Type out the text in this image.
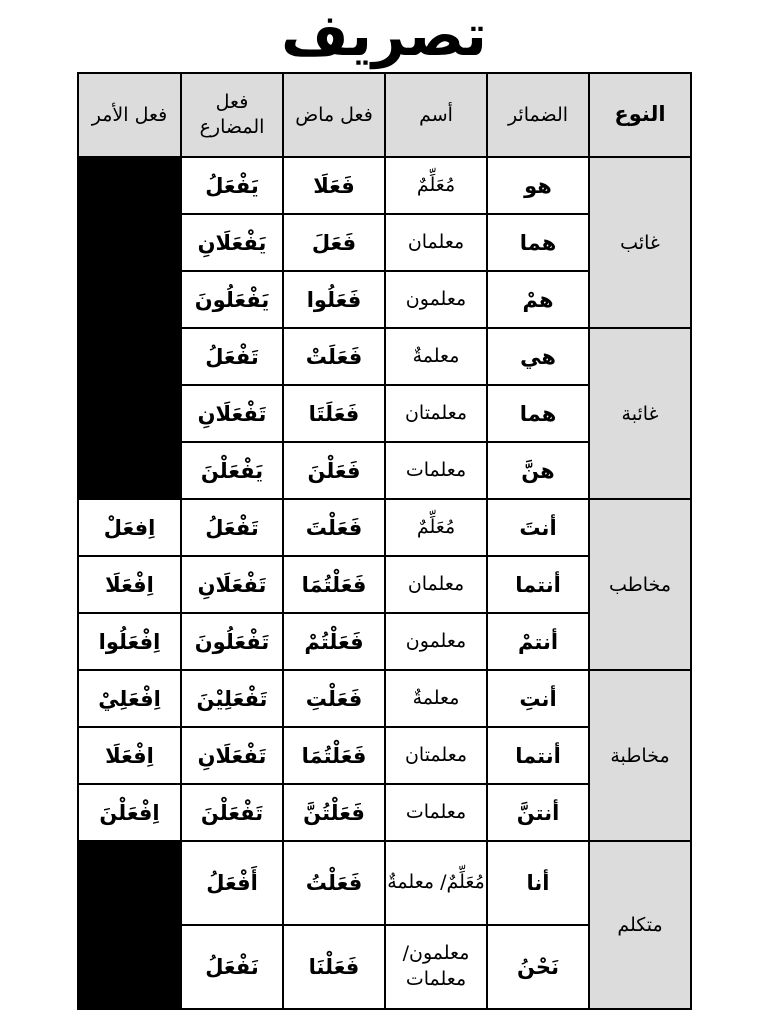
تصريف
النوع	الضمائر	أسم	فعل ماض	فعل المضارع	فعل الأمر
غائب	هو	مُعَلِّمٌ	فَعَلَا	يَفْعَلُ	
	هما	معلمان	فَعَلَ	يَفْعَلَانِ	
	همْ	معلمون	فَعَلُوا	يَفْعَلُونَ	
غائبة	هي	معلمةٌ	فَعَلَتْ	تَفْعَلُ	
	هما	معلمتان	فَعَلَتَا	تَفْعَلَانِ	
	هنَّ	معلمات	فَعَلْنَ	يَفْعَلْنَ	
مخاطب	أنتَ	مُعَلِّمٌ	فَعَلْتَ	تَفْعَلُ	اِفعَلْ
	أنتما	معلمان	فَعَلْتُمَا	تَفْعَلَانِ	اِفْعَلَا
	أنتمْ	معلمون	فَعَلْتُمْ	تَفْعَلُونَ	اِفْعَلُوا
مخاطبة	أنتِ	معلمةٌ	فَعَلْتِ	تَفْعَلِيْنَ	اِفْعَلِيْ
	أنتما	معلمتان	فَعَلْتُمَا	تَفْعَلَانِ	اِفْعَلَا
	أنتنَّ	معلمات	فَعَلْتُنَّ	تَفْعَلْنَ	اِفْعَلْنَ
متكلم	أنا	مُعَلِّمٌ/ معلمةٌ	فَعَلْتُ	أَفْعَلُ	
	نَحْنُ	معلمون/ معلمات	فَعَلْنَا	نَفْعَلُ	
